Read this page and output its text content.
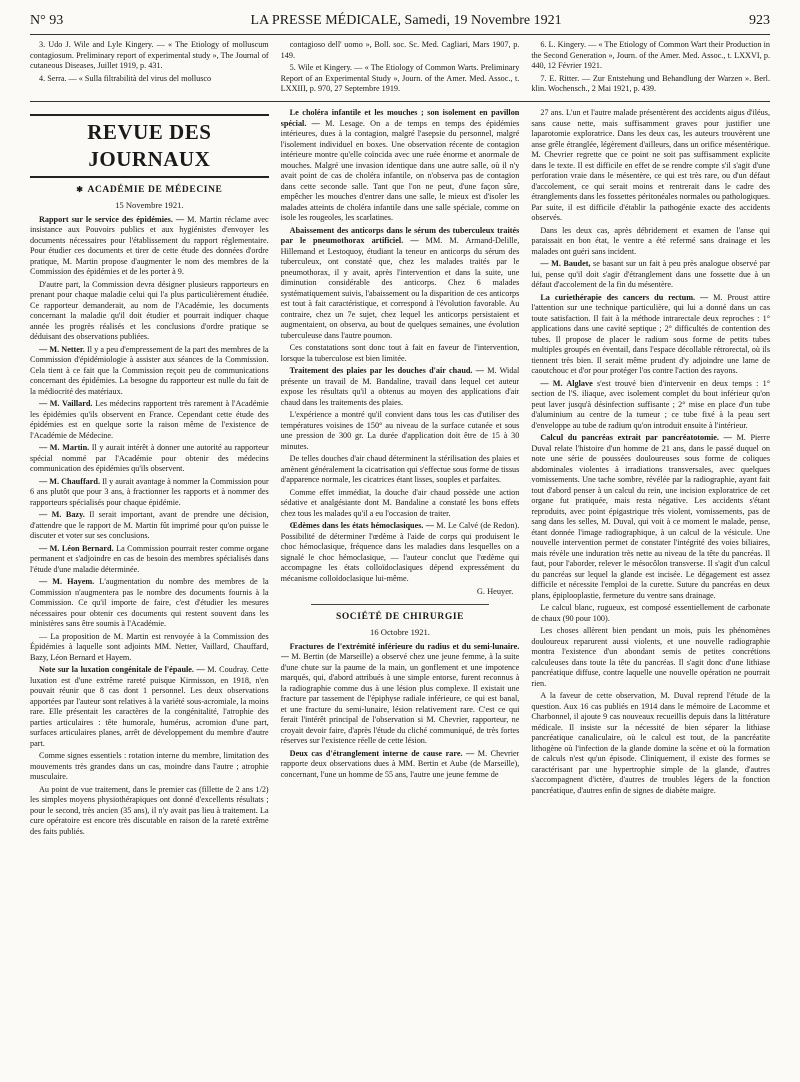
N° 93	LA PRESSE MÉDICALE, Samedi, 19 Novembre 1921	923

3. Udo J. Wile and Lyle Kingery. — « The Etiology of molluscum contagiosum. Preliminary report of experimental study », The Journal of cutaneous Diseases, Juillet 1919, p. 431.

4. Serra. — « Sulla filtrabilità del virus del mollusco

contagioso dell' uomo », Boll. soc. Sc. Med. Cagliari, Mars 1907, p. 149.

5. Wile et Kingery. — « The Etiology of Common Warts. Preliminary Report of an Experimental Study », Journ. of the Amer. Med. Assoc., t. LXXIII, p. 970, 27 Septembre 1919.

6. L. Kingery. — « The Etiology of Common Wart their Production in the Second Generation », Journ. of the Amer. Med. Assoc., t. LXXVI, p. 440, 12 Février 1921.

7. E. Ritter. — Zur Entstehung und Behandlung der Warzen ». Berl. klin. Wochensch., 2 Mai 1921, p. 439.

REVUE DES JOURNAUX
✱ ACADÉMIE DE MÉDECINE
15 Novembre 1921.

Rapport sur le service des épidémies. — M. Martin réclame avec insistance aux Pouvoirs publics et aux hygiénistes d'envoyer les documents nécessaires pour l'établissement du rapport réglementaire. Pour étudier ces documents et tirer de cette étude des données d'ordre pratique, M. Martin propose d'augmenter le nom des membres de la Commission des épidémies et de les porter à 9.

D'autre part, la Commission devra désigner plusieurs rapporteurs en prenant pour chaque maladie celui qui l'a plus particulièrement étudiée. Ce rapporteur demanderait, au nom de l'Académie, les documents concernant la maladie qu'il doit étudier et pourrait indiquer chaque année les progrès réalisés et les conclusions d'ordre pratique se déduisant des observations publiées.

— M. Netter. Il y a peu d'empressement de la part des membres de la Commission d'épidémiologie à assister aux séances de la Commission. Cela tient à ce fait que la Commission reçoit peu de communications concernant des épidémies. La besogne du rapporteur est nulle du fait de la médiocrité des matériaux.

— M. Vaillard. Les médecins rapportent très rarement à l'Académie les épidémies qu'ils observent en France. Cependant cette étude des épidémies est en quelque sorte la raison même de l'existence de l'Académie de Médecine.

— M. Martin. Il y aurait intérêt à donner une autorité au rapporteur spécial nommé par l'Académie pour obtenir des médecins communication des épidémies qu'ils observent.

— M. Chauffard. Il y aurait avantage à nommer la Commission pour 6 ans plutôt que pour 3 ans, à fractionner les rapports et à nommer des rapporteurs spécialisés pour chaque épidémie.

— M. Bazy. Il serait important, avant de prendre une décision, d'attendre que le rapport de M. Martin fût imprimé pour qu'on puisse le discuter et voter sur ses conclusions.

— M. Léon Bernard. La Commission pourrait rester comme organe permanent et s'adjoindre en cas de besoin des membres spécialisés dans l'étude d'une maladie déterminée.

— M. Hayem. L'augmentation du nombre des membres de la Commission n'augmentera pas le nombre des documents fournis à la Commission. Ce qu'il importe de faire, c'est d'étudier les mesures nécessaires pour obtenir ces documents qui restent souvent dans les ministères sans être soumis à l'Académie.

— La proposition de M. Martin est renvoyée à la Commission des Épidémies à laquelle sont adjoints MM. Netter, Vaillard, Chauffard, Bazy, Léon Bernard et Hayem.

Note sur la luxation congénitale de l'épaule. — M. Coudray. Cette luxation est d'une extrême rareté puisque Kirmisson, en 1918, n'en pouvait réunir que 8 cas dont 1 personnel. Les deux observations apportées par l'auteur sont relatives à la variété sous-acromiale, la moins rare. Elle présentait les caractères de la congénitalité, l'atrophie des parties articulaires : tête humorale, humérus, acromion d'une part, surfaces articulaires planes, arrêt de développement du membre d'autre part.

Comme signes essentiels : rotation interne du membre, limitation des mouvements très grandes dans un cas, moindre dans l'autre ; atrophie musculaire.

Au point de vue traitement, dans le premier cas (fillette de 2 ans 1/2) les simples moyens physiothérapiques ont donné d'excellents résultats ; pour le second, très ancien (35 ans), il n'y avait pas lieu à traitement. La cure opératoire est encore très discutable en raison de la rareté extrême des faits publiés.

Le choléra infantile et les mouches ; son isolement en pavillon spécial. — M. Lesage. On a de temps en temps des épidémies intérieures, dues à la contagion, malgré l'asepsie du personnel, malgré l'isolement individuel en boxes. Une observation récente de contagion intérieure montre qu'elle coïncida avec une ruée énorme et anormale de mouches. Malgré une invasion identique dans une autre salle, où il n'y avait point de cas de choléra infantile, on n'observa pas de contagion dans cette seconde salle. Tant que l'on ne peut, d'une façon sûre, empêcher les mouches d'entrer dans une salle, le mieux est d'isoler les malades atteints de choléra infantile dans une salle spéciale, comme on isole les rougeoles, les scarlatines.

Abaissement des anticorps dans le sérum des tuberculeux traités par le pneumothorax artificiel. — MM. M. Armand-Delille, Hillemand et Lestoquoy, étudiant la teneur en anticorps du sérum des tuberculeux, ont constaté que, chez les malades traités par le pneumothorax, il y avait, après l'intervention et dans la suite, une diminution considérable des anticorps. Chez 6 malades systématiquement suivis, l'abaissement ou la disparition de ces anticorps est tout à fait caractéristique, et correspond à l'évolution favorable. Au contraire, chez un 7e sujet, chez lequel les anticorps persistaient et augmentaient, on observa, au bout de quelques semaines, une évolution tuberculeuse dans l'autre poumon.

Ces constatations sont donc tout à fait en faveur de l'intervention, lorsque la tuberculose est bien limitée.

Traitement des plaies par les douches d'air chaud. — M. Widal présente un travail de M. Bandaline, travail dans lequel cet auteur expose les résultats qu'il a obtenus au moyen des applications d'air chaud dans les traitements des plaies.

L'expérience a montré qu'il convient dans tous les cas d'utiliser des températures voisines de 150° au niveau de la surface cutanée et sous une pression de 300 gr. La durée d'application doit être de 15 à 30 minutes.

De telles douches d'air chaud déterminent la stérilisation des plaies et amènent généralement la cicatrisation qui s'effectue sous forme de tissus d'apparence normale, les cicatrices étant lisses, souples et parfaites.

Comme effet immédiat, la douche d'air chaud possède une action sédative et analgésiante dont M. Bandaline a constaté les bons effets chez tous les malades qu'il a eu l'occasion de traiter.

Œdèmes dans les états hémoclasiques. — M. Le Calvé (de Redon). Possibilité de déterminer l'œdème à l'aide de corps qui produisent le choc hémoclasique, fréquence dans les maladies dans lesquelles on a signalé le choc hémoclasique, — l'auteur conclut que l'œdème qui accompagne les états colloïdoclasiques dépend expressément du mécanisme colloïdoclasique lui-même.

G. Heuyer.
SOCIÉTÉ DE CHIRURGIE
16 Octobre 1921.

Fractures de l'extrémité inférieure du radius et du semi-lunaire. — M. Bertin (de Marseille) a observé chez une jeune femme, à la suite d'une chute sur la paume de la main, un gonflement et une impotence marqués, qui, d'abord attribués à une simple entorse, furent reconnus à la radiographie comme dus à une lésion plus complexe. Il existait une fracture par tassement de l'épiphyse radiale inférieure, ce qui est banal, et une fracture du semi-lunaire, lésion relativement rare. C'est ce qui ferait l'intérêt principal de l'observation si M. Chevrier, rapporteur, ne croyait devoir faire, d'après l'étude du cliché communiqué, de très fortes réserves sur l'existence réelle de cette lésion.

Deux cas d'étranglement interne de cause rare. — M. Chevrier rapporte deux observations dues à MM. Bertin et Aube (de Marseille), concernant, l'une un homme de 55 ans, l'autre une jeune femme de

27 ans. L'un et l'autre malade présentèrent des accidents aigus d'iléus, sans cause nette, mais suffisamment graves pour justifier une laparotomie exploratrice. Dans les deux cas, les auteurs trouvèrent une anse grêle étranglée, légèrement d'ailleurs, dans un orifice mésentérique. M. Chevrier regrette que ce point ne soit pas suffisamment explicite dans le texte. Il est difficile en effet de se rendre compte s'il s'agit d'une perforation vraie dans le mésentère, ce qui est très rare, ou d'un défaut d'accolement, ce qui serait moins et rentrerait dans le cadre des étranglements dans les fossettes péritonéales normales ou pathologiques. Par suite, il est difficile d'établir la pathogénie exacte des accidents observés.

Dans les deux cas, après débridement et examen de l'anse qui paraissait en bon état, le ventre a été refermé sans drainage et les malades ont guéri sans incident.

— M. Baudet, se basant sur un fait à peu près analogue observé par lui, pense qu'il doit s'agir d'étranglement dans une fossette due à un défaut d'accolement de la fin du mésentère.

La curiethérapie des cancers du rectum. — M. Proust attire l'attention sur une technique particulière, qui lui a donné dans un cas toute satisfaction. Il fait à la méthode intrarectale deux reproches : 1° applications dans une cavité septique ; 2° difficultés de contention des tubes. Il propose de placer le radium sous forme de petits tubes multiples groupés en éventail, dans l'espace décollable rétrorectal, où ils tiennent très bien. Il serait même prudent d'y adjoindre une lame de caoutchouc et d'or pour protéger l'os contre l'action des rayons.

— M. Alglave s'est trouvé bien d'intervenir en deux temps : 1° section de l'S. iliaque, avec isolement complet du bout inférieur qu'on peut laver jusqu'à désinfection suffisante ; 2° mise en place d'un tube d'aluminium au centre de la tumeur ; ce tube fixé à la peau sert d'enveloppe au tube de radium qu'on introduit ensuite à l'intérieur.

Calcul du pancréas extrait par pancréatotomie. — M. Pierre Duval relate l'histoire d'un homme de 21 ans, dans le passé duquel on note une série de poussées douloureuses sous forme de coliques abdominales violentes à irradiations transversales, avec quelques vomissements. Une tache sombre, révélée par la radiographie, ayant fait tout d'abord penser à un calcul du rein, une incision exploratrice de cet organe fut pratiquée, mais resta négative. Les accidents s'étant reproduits, avec point épigastrique très violent, vomissements, pas de sang dans les selles, M. Duval, qui voit à ce moment le malade, pense, étant donnée l'image radiographique, à un calcul de la vésicule. Une nouvelle intervention permet de constater l'intégrité des voies biliaires, mais révèle une induration très nette au niveau de la tête du pancréas. Il faut, pour l'aborder, relever le mésocôlon transverse. Il s'agit d'un calcul du pancréas sur lequel la glande est incisée. Le dégagement est assez difficile et nécessite l'emploi de la curette. Suture du pancréas en deux plans, épiplooplastie, fermeture du ventre sans drainage.

Le calcul blanc, rugueux, est composé essentiellement de carbonate de chaux (90 pour 100).

Les choses allèrent bien pendant un mois, puis les phénomènes douloureux reparurent aussi violents, et une nouvelle radiographie montra l'existence d'un abondant semis de petites concrétions calculeuses dans toute la tête du pancréas. Il s'agit donc d'une lithiase pancréatique diffuse, contre laquelle une nouvelle opération ne pourrait rien.

A la faveur de cette observation, M. Duval reprend l'étude de la question. Aux 16 cas publiés en 1914 dans le mémoire de Lacomme et Charbonnel, il ajoute 9 cas nouveaux recueillis depuis dans la littérature médicale. Il insiste sur la nécessité de bien séparer la lithiase pancréatique canaliculaire, où le calcul est tout, de la pancréatite lithogène où l'infection de la glande domine la scène et où la formation de calculs n'est qu'un épisode. Cliniquement, il existe des formes se caractérisant par une hypertrophie simple de la glande, d'autres s'accompagnent d'ictère, d'autres de troubles légers de la fonction pancréatique, d'autres enfin de signes de diabète maigre.
